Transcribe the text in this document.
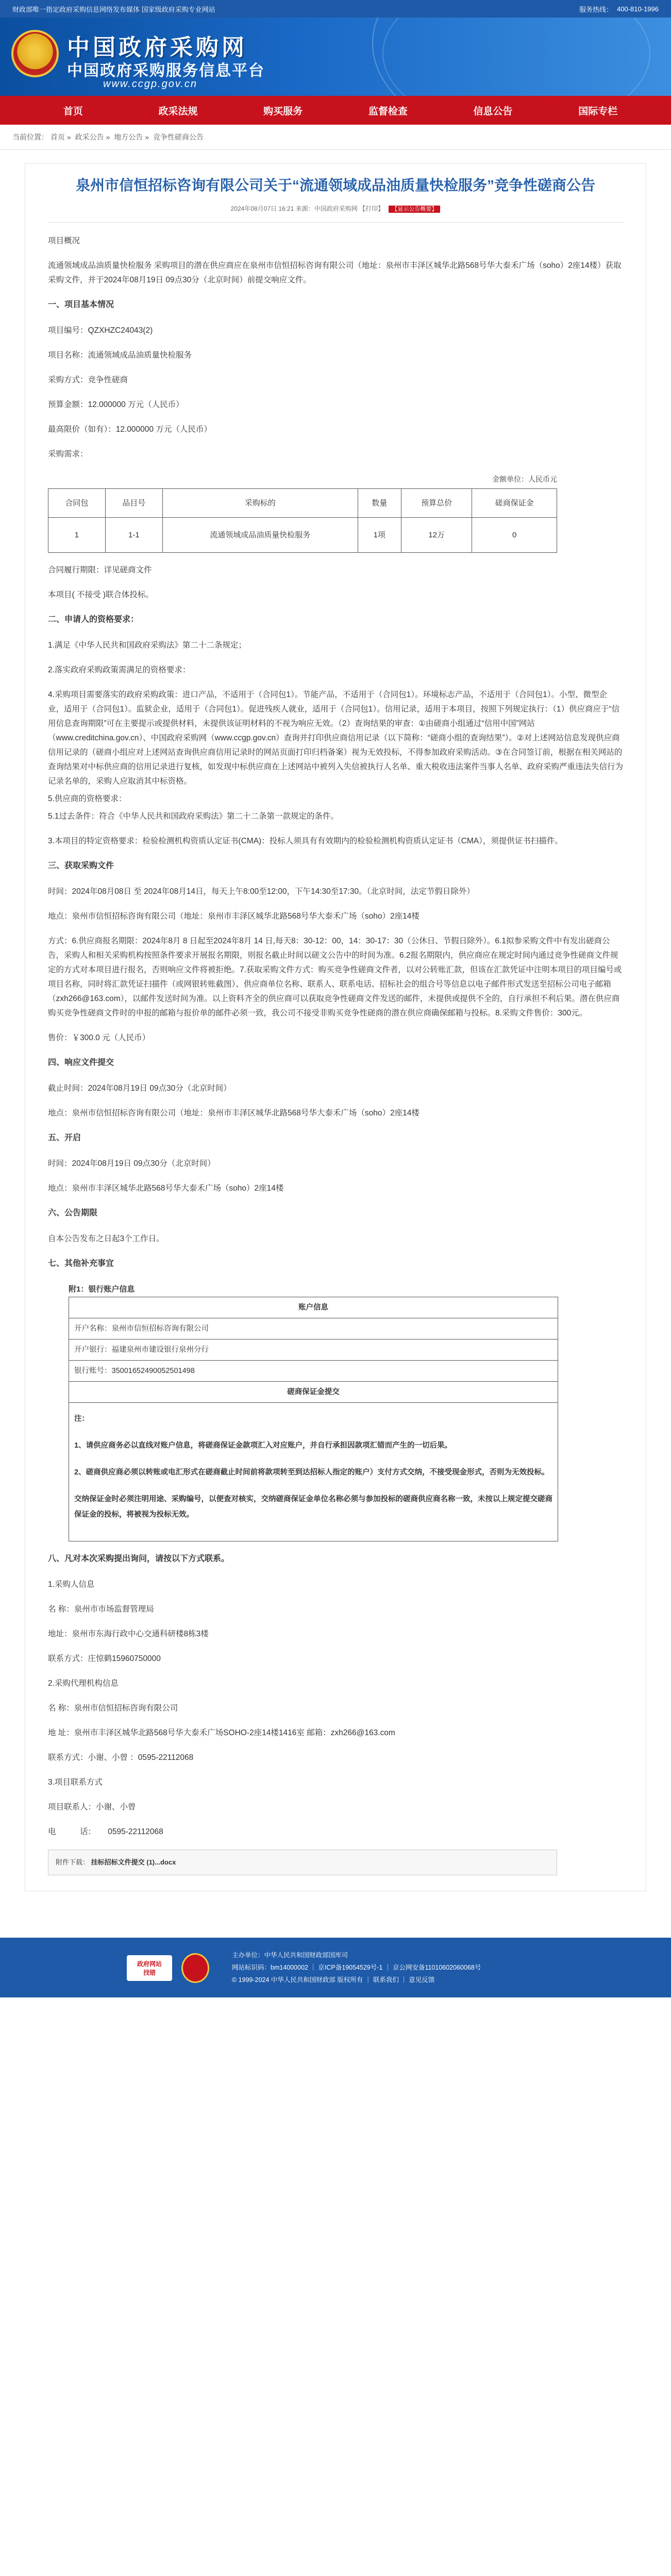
财政部唯一指定政府采购信息网络发布媒体 国家级政府采购专业网站	服务热线： 400-810-1996
中国政府采购网
中国政府采购服务信息平台
www.ccgp.gov.cn
首页	政采法规	购买服务	监督检查	信息公告	国际专栏
当前位置： 首页 » 政采公告 » 地方公告 » 竞争性磋商公告
泉州市信恒招标咨询有限公司关于“流通领域成品油质量快检服务”竞争性磋商公告
2024年08月07日 16:21 来源：中国政府采购网 【打印】 【显示公告概要】

项目概况

流通领域成品油质量快检服务 采购项目的潜在供应商应在泉州市信恒招标咨询有限公司（地址：泉州市丰泽区城华北路568号华大泰禾广场（soho）2座14楼）获取采购文件，并于2024年08月19日 09点30分（北京时间）前提交响应文件。

一、项目基本情况

项目编号：QZXHZC24043(2)

项目名称：流通领域成品油质量快检服务

采购方式：竞争性磋商

预算金额：12.000000 万元（人民币）

最高限价（如有）：12.000000 万元（人民币）

采购需求：

金额单位：人民币元
合同包	品目号	采购标的	数量	预算总价	磋商保证金
1	1-1	流通领域成品油质量快检服务	1项	12万	0

合同履行期限：详见磋商文件

本项目( 不接受 )联合体投标。

二、申请人的资格要求：

1.满足《中华人民共和国政府采购法》第二十二条规定；

2.落实政府采购政策需满足的资格要求：

4.采购项目需要落实的政府采购政策：进口产品，不适用于（合同包1）。节能产品，不适用于（合同包1）。环境标志产品，不适用于（合同包1）。小型、微型企业，适用于（合同包1）。监狱企业，适用于（合同包1）。促进残疾人就业，适用于（合同包1）。信用记录，适用于本项目，按照下列规定执行：（1）供应商应于“信用信息查询期限”可在主要提示或提供材料，未提供该证明材料的不视为响应无效。（2）查询结果的审查：①由磋商小组通过“信用中国”网站（www.creditchina.gov.cn）、中国政府采购网（www.ccgp.gov.cn）查询并打印供应商信用记录（以下简称：“磋商小组的查询结果”）。②对上述网站信息发现供应商信用记录的（磋商小组应对上述网站查询供应商信用记录时的网站页面打印归档备案）视为无效投标，不得参加政府采购活动。③在合同签订前，根据在相关网站的查询结果对中标供应商的信用记录进行复核，如发现中标供应商在上述网站中被列入失信被执行人名单、重大税收违法案件当事人名单、政府采购严重违法失信行为记录名单的，采购人应取消其中标资格。

5.供应商的资格要求：

5.1过去条件：符合《中华人民共和国政府采购法》第二十二条第一款规定的条件。

3.本项目的特定资格要求：检验检测机构资质认定证书(CMA)：投标人须具有有效期内的检验检测机构资质认定证书（CMA），须提供证书扫描件。

三、获取采购文件

时间：2024年08月08日 至 2024年08月14日，每天上午8:00至12:00，下午14:30至17:30。（北京时间，法定节假日除外）

地点：泉州市信恒招标咨询有限公司（地址：泉州市丰泽区城华北路568号华大泰禾广场（soho）2座14楼

方式：6.供应商报名期限：2024年8月 8 日起至2024年8月 14 日,每天8：30-12：00，14：30-17：30（公休日、节假日除外）。6.1拟参采购文件中有发出磋商公告，采购人和相关采购机构按照条件要求开展报名期限，则报名截止时间以磋文公告中的时间为准。6.2报名期限内，供应商应在规定时间内通过竞争性磋商文件规定的方式对本项目进行报名，否则响应文件将被拒绝。7.获取采购文件方式：购买竞争性磋商文件者，以对公转账汇款，但该在汇款凭证中注明本项目的项目编号或项目名称，同时将汇款凭证扫描件（或网银转账截图）、供应商单位名称、联系人、联系电话、招标社会的组合号等信息以电子邮件形式发送至招标公司电子邮箱（zxh266@163.com），以邮件发送时间为准。以上资料齐全的供应商可以获取竞争性磋商文件发送的邮件，未提供或提供不全的，自行承担不利后果。潜在供应商购买竞争性磋商文件时的申报的邮箱与报价单的邮件必须一致，我公司不接受非购买竞争性磋商的潜在供应商确保邮箱与投标。8.采购文件售价：300元。

售价：￥300.0 元（人民币）

四、响应文件提交

截止时间：2024年08月19日 09点30分（北京时间）

地点：泉州市信恒招标咨询有限公司（地址：泉州市丰泽区城华北路568号华大泰禾广场（soho）2座14楼

五、开启

时间：2024年08月19日 09点30分（北京时间）

地点：泉州市丰泽区城华北路568号华大泰禾广场（soho）2座14楼

六、公告期限

自本公告发布之日起3个工作日。

七、其他补充事宜
附1：银行账户信息
账户信息
开户名称：泉州市信恒招标咨询有限公司
开户银行：福建泉州市建设银行泉州分行
银行账号：35001652490052501498
磋商保证金提交

注：

1、请供应商务必以直线对账户信息，将磋商保证金款项汇入对应账户，并自行承担因款项汇错而产生的一切后果。

2、磋商供应商必须以转账或电汇形式在磋商截止时间前将款项转至到达招标人指定的账户）支付方式交纳，不接受现金形式，否则为无效投标。

交纳保证金时必须注明用途、采购编号，以便查对核实，交纳磋商保证金单位名称必须与参加投标的磋商供应商名称一致，未按以上规定提交磋商保证金的投标，将被视为投标无效。

八、凡对本次采购提出询问，请按以下方式联系。

1.采购人信息

名 称：泉州市市场监督管理局

地址：泉州市东海行政中心交通科研楼8栋3楼

联系方式：庄惊鹤15960750000

2.采购代理机构信息

名 称：泉州市信恒招标咨询有限公司

地 址：泉州市丰泽区城华北路568号华大泰禾广场SOHO-2座14楼1416室 邮箱：zxh266@163.com

联系方式：小谢、小曾 ：0595-22112068

3.项目联系方式

项目联系人：小谢、小曾

电　　　话：　　0595-22112068

附件下载： 挂标招标文件提交 (1)...docx
政府网站
找错
主办单位：中华人民共和国财政部国库司
网站标识码：bm14000002 ｜ 京ICP备19054529号-1 ｜ 京公网安备11010602060068号
© 1999-2024 中华人民共和国财政部 版权所有 ｜ 联系我们 ｜ 意见反馈
